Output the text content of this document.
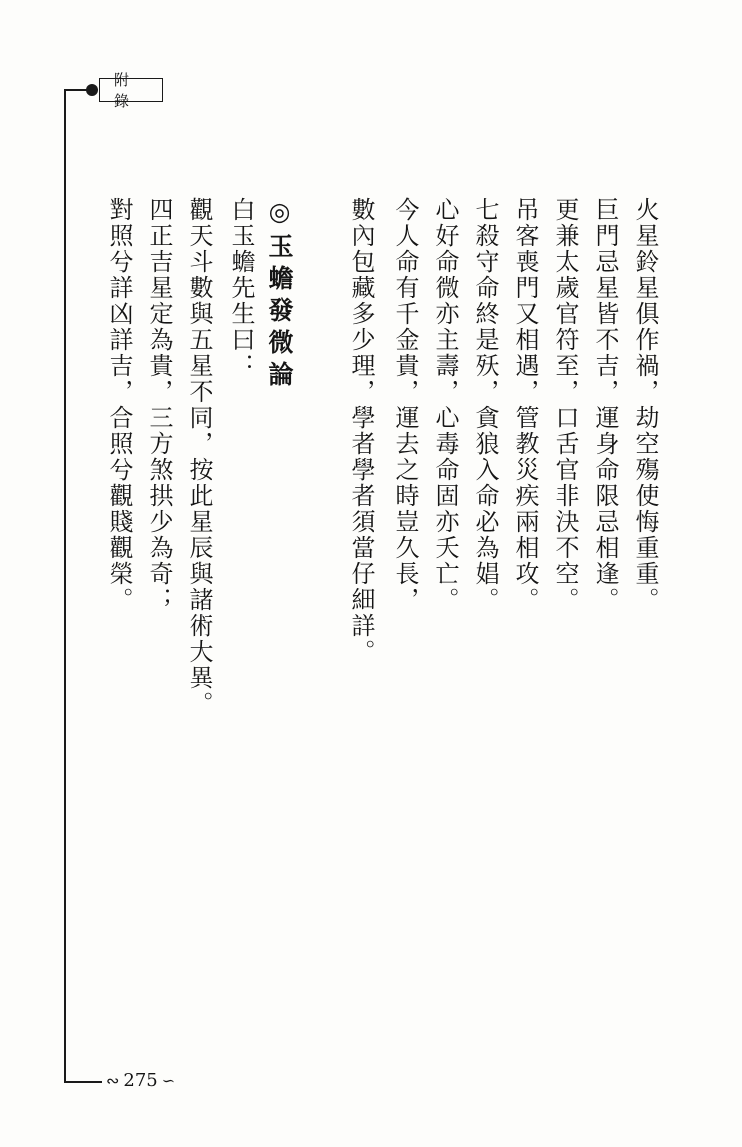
附 錄
火星鈴星俱作禍，劫空殤使悔重重。
巨門忌星皆不吉，運身命限忌相逢。
更兼太歲官符至，口舌官非決不空。
吊客喪門又相遇，管教災疾兩相攻。
七殺守命終是殀，貪狼入命必為娼。
心好命微亦主壽，心毒命固亦夭亡。
今人命有千金貴，運去之時豈久長，
數內包藏多少理，學者學者須當仔細詳。
◎玉蟾發微論
白玉蟾先生曰：
觀天斗數與五星不同，按此星辰與諸術大異。
四正吉星定為貴，三方煞拱少為奇；
對照兮詳凶詳吉，合照兮觀賤觀榮。
∾ 275 ∽
